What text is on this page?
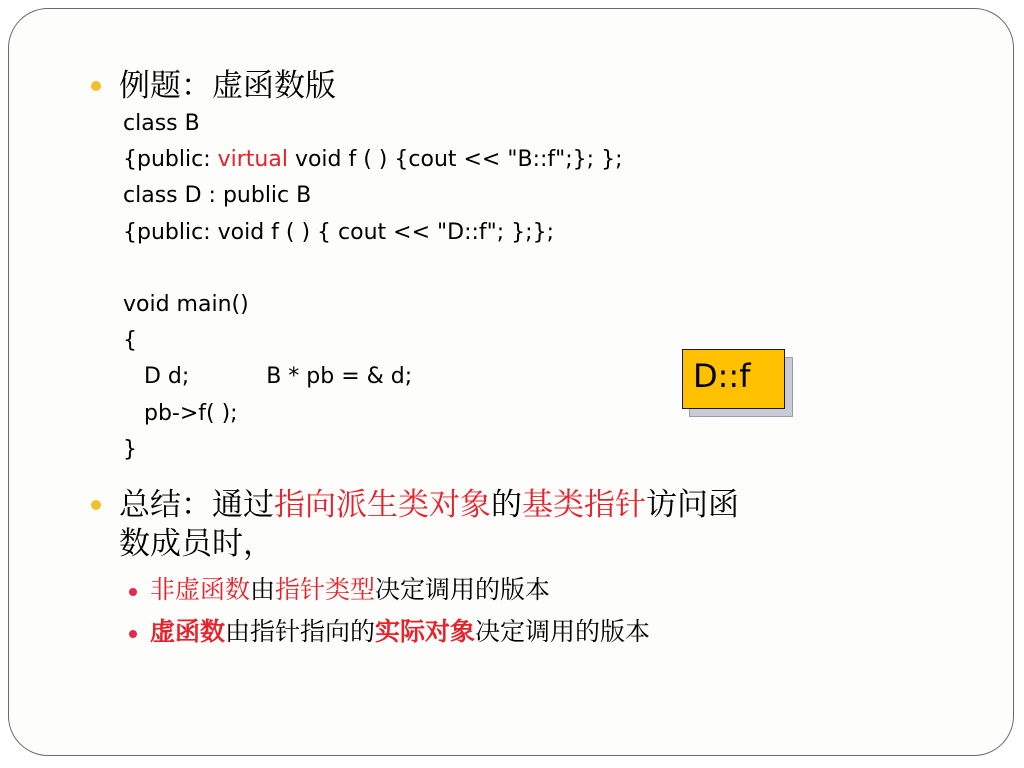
例题：虚函数版
class B
{public: virtual void f ( ) {cout << "B::f";}; };
class D : public B
{public: void f ( ) { cout << "D::f"; };};
void main()
{
D d;           B * pb = & d;
pb->f( );
}
D::f
总结：通过指向派生类对象的基类指针访问函
数成员时，
非虚函数由指针类型决定调用的版本
虚函数由指针指向的实际对象决定调用的版本
